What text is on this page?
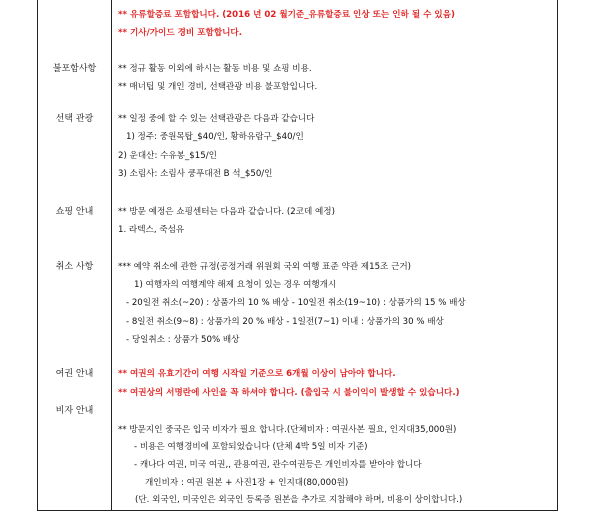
** 유류할증료 포함합니다. (2016 년 02 월기준_유류할증료 인상 또는 인하 될 수 있음)
** 기사/가이드 경비 포함합니다.
불포함사항	** 정규 활동 이외에 하시는 활동 비용 및 쇼핑 비용.
** 매너팁 및 개인 경비, 선택관광 비용 불포함입니다.
선택 관광	** 일정 중에 할 수 있는 선택관광은 다음과 같습니다
1) 정주: 중원목탑_$40/인, 황하유람구_$40/인
2) 운대산: 수유봉_$15/인
3) 소림사: 소림사 쿵푸대전 B 석_$50/인
쇼핑 안내	** 방문 예정은 쇼핑센터는 다음과 같습니다. (2코데 예정)
1. 라텍스, 죽섬유
취소 사항	*** 예약 취소에 관한 규정(공정거래 위원회 국외 여행 표준 약관 제15조 근거)
1) 여행자의 여행계약 해제 요청이 있는 경우 여행개시
- 20일전 취소(~20) : 상품가의 10 % 배상 - 10일전 취소(19~10) : 상품가의 15 % 배상
- 8일전 취소(9~8) : 상품가의 20 % 배상 - 1일전(7~1) 이내 : 상품가의 30 % 배상
- 당일취소 : 상품가 50% 배상
여권 안내	** 여권의 유효기간이 여행 시작일 기준으로 6개월 이상이 남아야 합니다.
** 여권상의 서명란에 사인을 꼭 하셔야 합니다. (출입국 시 불이익이 발생할 수 있습니다.)
비자 안내
** 방문지인 중국은 입국 비자가 필요 합니다.(단체비자 : 여권사본 필요, 인지대35,000원)
- 비용은 여행경비에 포함되었습니다 (단체 4박 5일 비자 기준)
- 캐나다 여권, 미국 여권,, 관용여권, 관수여권등은 개인비자를 받아야 합니다
개인비자 : 여권 원본 + 사진1장 + 인지대(80,000원)
(단. 외국인, 미국인은 외국인 등록증 원본을 추가로 지참해야 하며, 비용이 상이합니다.)
